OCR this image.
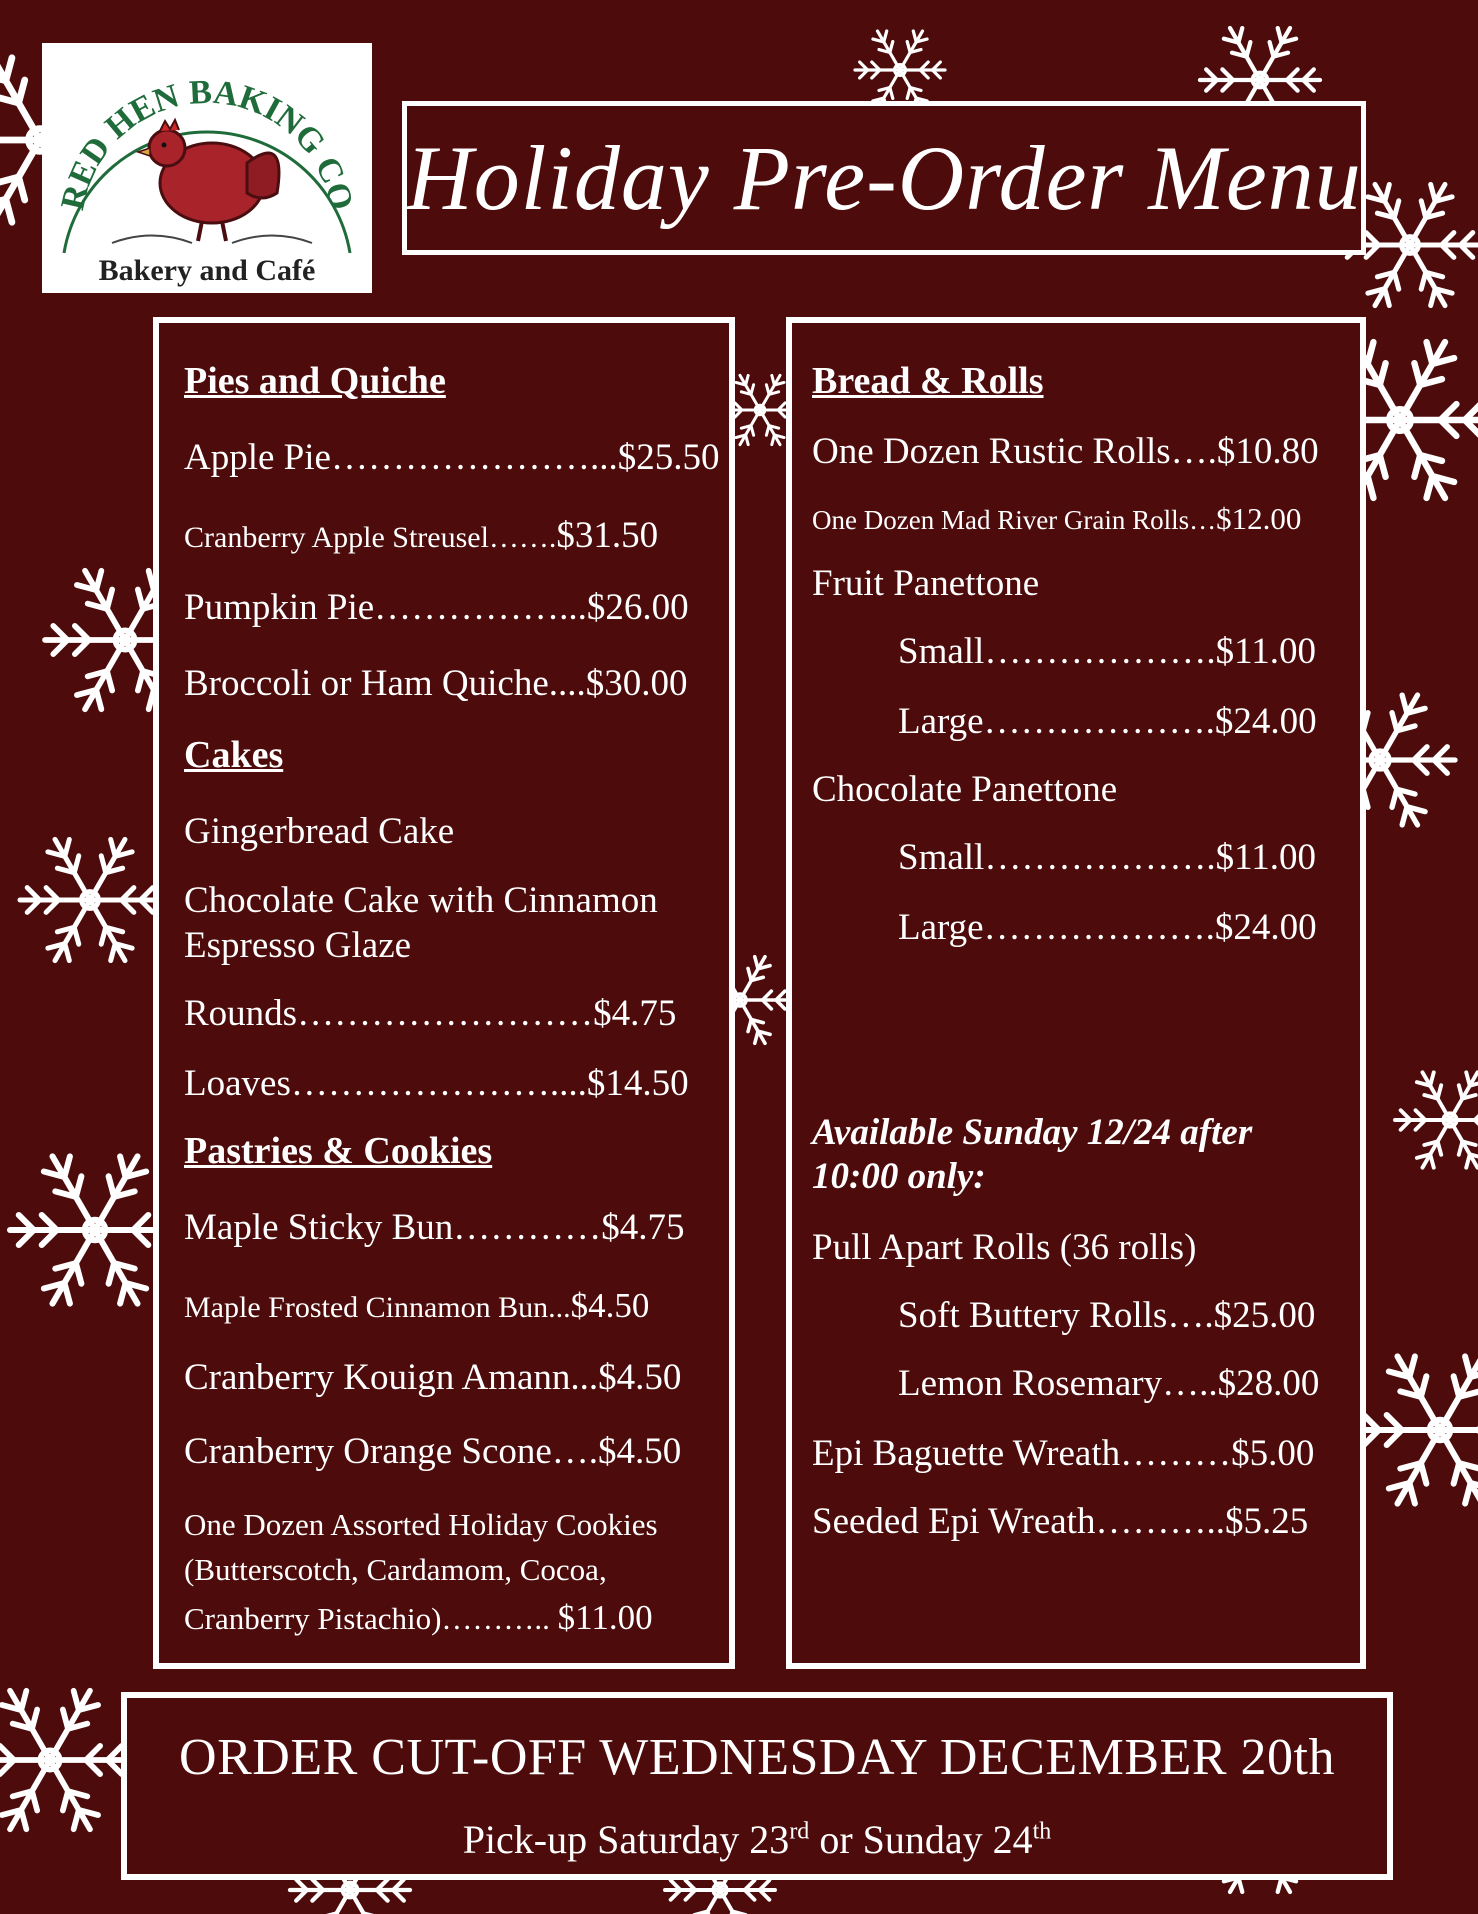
RED HEN BAKING CO
Bakery and Café
Holiday Pre-Order Menu
Pies and Quiche
Apple Pie…………………...$25.50
Cranberry Apple Streusel…….$31.50
Pumpkin Pie……………...$26.00
Broccoli or Ham Quiche....$30.00
Cakes
Gingerbread Cake
Chocolate Cake with Cinnamon
Espresso Glaze
Rounds……………………$4.75
Loaves…………………....$14.50
Pastries & Cookies
Maple Sticky Bun…………$4.75
Maple Frosted Cinnamon Bun...$4.50
Cranberry Kouign Amann...$4.50
Cranberry Orange Scone….$4.50
One Dozen Assorted Holiday Cookies
(Butterscotch, Cardamom, Cocoa,
Cranberry Pistachio)……….. $11.00
Bread & Rolls
One Dozen Rustic Rolls….$10.80
One Dozen Mad River Grain Rolls…$12.00
Fruit Panettone
Small……………….$11.00
Large……………….$24.00
Chocolate Panettone
Small……………….$11.00
Large……………….$24.00
Available Sunday 12/24 after 10:00 only:
Pull Apart Rolls (36 rolls)
Soft Buttery Rolls….$25.00
Lemon Rosemary…..$28.00
Epi Baguette Wreath………$5.00
Seeded Epi Wreath………..$5.25
ORDER CUT-OFF WEDNESDAY DECEMBER 20th
Pick-up Saturday 23rd or Sunday 24th
